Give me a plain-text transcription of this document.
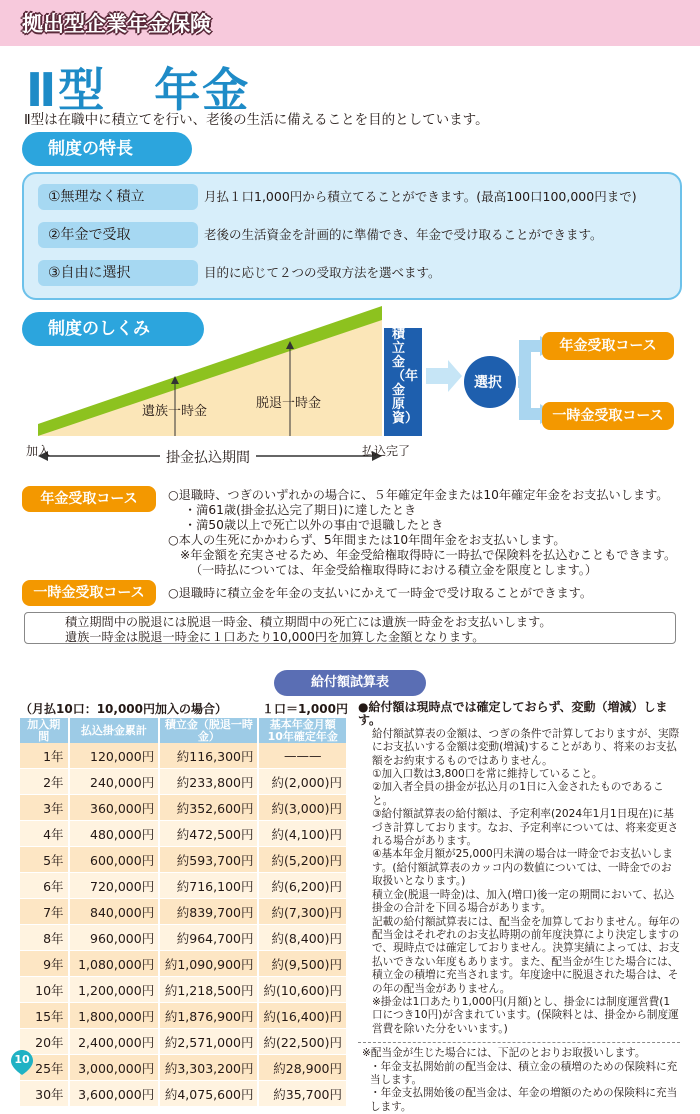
拠出型企業年金保険
Ⅱ型　年金
Ⅱ型は在職中に積立てを行い、老後の生活に備えることを目的としています。
制度の特長
①無理なく積立	月払１口1,000円から積立てることができます。(最高100口100,000円まで)
②年金で受取	老後の生活資金を計画的に準備でき、年金で受け取ることができます。
③自由に選択	目的に応じて２つの受取方法を選べます。
制度のしくみ
遺族一時金
脱退一時金
加入	払込完了
掛金払込期間
積立金（年金原資）
選択
年金受取コース
一時金受取コース
年金受取コース	○退職時、つぎのいずれかの場合に、５年確定年金または10年確定年金をお支払いします。
・満61歳(掛金払込完了期日)に達したとき
・満50歳以上で死亡以外の事由で退職したとき
○本人の生死にかかわらず、5年間または10年間年金をお支払いします。
※年金額を充実させるため、年金受給権取得時に一時払で保険料を払込むこともできます。
（一時払については、年金受給権取得時における積立金を限度とします。）
一時金受取コース	○退職時に積立金を年金の支払いにかえて一時金で受け取ることができます。
積立期間中の脱退には脱退一時金、積立期間中の死亡には遺族一時金をお支払いします。
遺族一時金は脱退一時金に１口あたり10,000円を加算した金額となります。
給付額試算表
（月払10口：10,000円加入の場合）	１口＝1,000円
加入期間	払込掛金累計	積立金（脱退一時金）	基本年金月額10年確定年金
1年	120,000円	約116,300円	———
2年	240,000円	約233,800円	約(2,000)円
3年	360,000円	約352,600円	約(3,000)円
4年	480,000円	約472,500円	約(4,100)円
5年	600,000円	約593,700円	約(5,200)円
6年	720,000円	約716,100円	約(6,200)円
7年	840,000円	約839,700円	約(7,300)円
8年	960,000円	約964,700円	約(8,400)円
9年	1,080,000円	約1,090,900円	約(9,500)円
10年	1,200,000円	約1,218,500円	約(10,600)円
15年	1,800,000円	約1,876,900円	約(16,400)円
20年	2,400,000円	約2,571,000円	約(22,500)円
25年	3,000,000円	約3,303,200円	約28,900円
30年	3,600,000円	約4,075,600円	約35,700円
●給付額は現時点では確定しておらず、変動（増減）します。
給付額試算表の金額は、つぎの条件で計算しておりますが、実際にお支払いする金額は変動(増減)することがあり、将来のお支払額をお約束するものではありません。
①加入口数は3,800口を常に維持していること。
②加入者全員の掛金が払込月の1日に入金されたものであること。
③給付額試算表の給付額は、予定利率(2024年1月1日現在)に基づき計算しております。なお、予定利率については、将来変更される場合があります。
④基本年金月額が25,000円未満の場合は一時金でお支払いします。(給付額試算表のカッコ内の数値については、一時金でのお取扱いとなります。)
積立金(脱退一時金)は、加入(増口)後一定の期間において、払込掛金の合計を下回る場合があります。
記載の給付額試算表には、配当金を加算しておりません。毎年の配当金はそれぞれのお支払時期の前年度決算により決定しますので、現時点では確定しておりません。決算実績によっては、お支払いできない年度もあります。また、配当金が生じた場合には、積立金の積増に充当されます。年度途中に脱退された場合は、その年の配当金がありません。
※掛金は1口あたり1,000円(月額)とし、掛金には制度運営費(1口につき10円)が含まれています。(保険料とは、掛金から制度運営費を除いた分をいいます。)
※配当金が生じた場合には、下記のとおりお取扱いします。
・年金支払開始前の配当金は、積立金の積増のための保険料に充当します。
・年金支払開始後の配当金は、年金の増額のための保険料に充当します。
10
